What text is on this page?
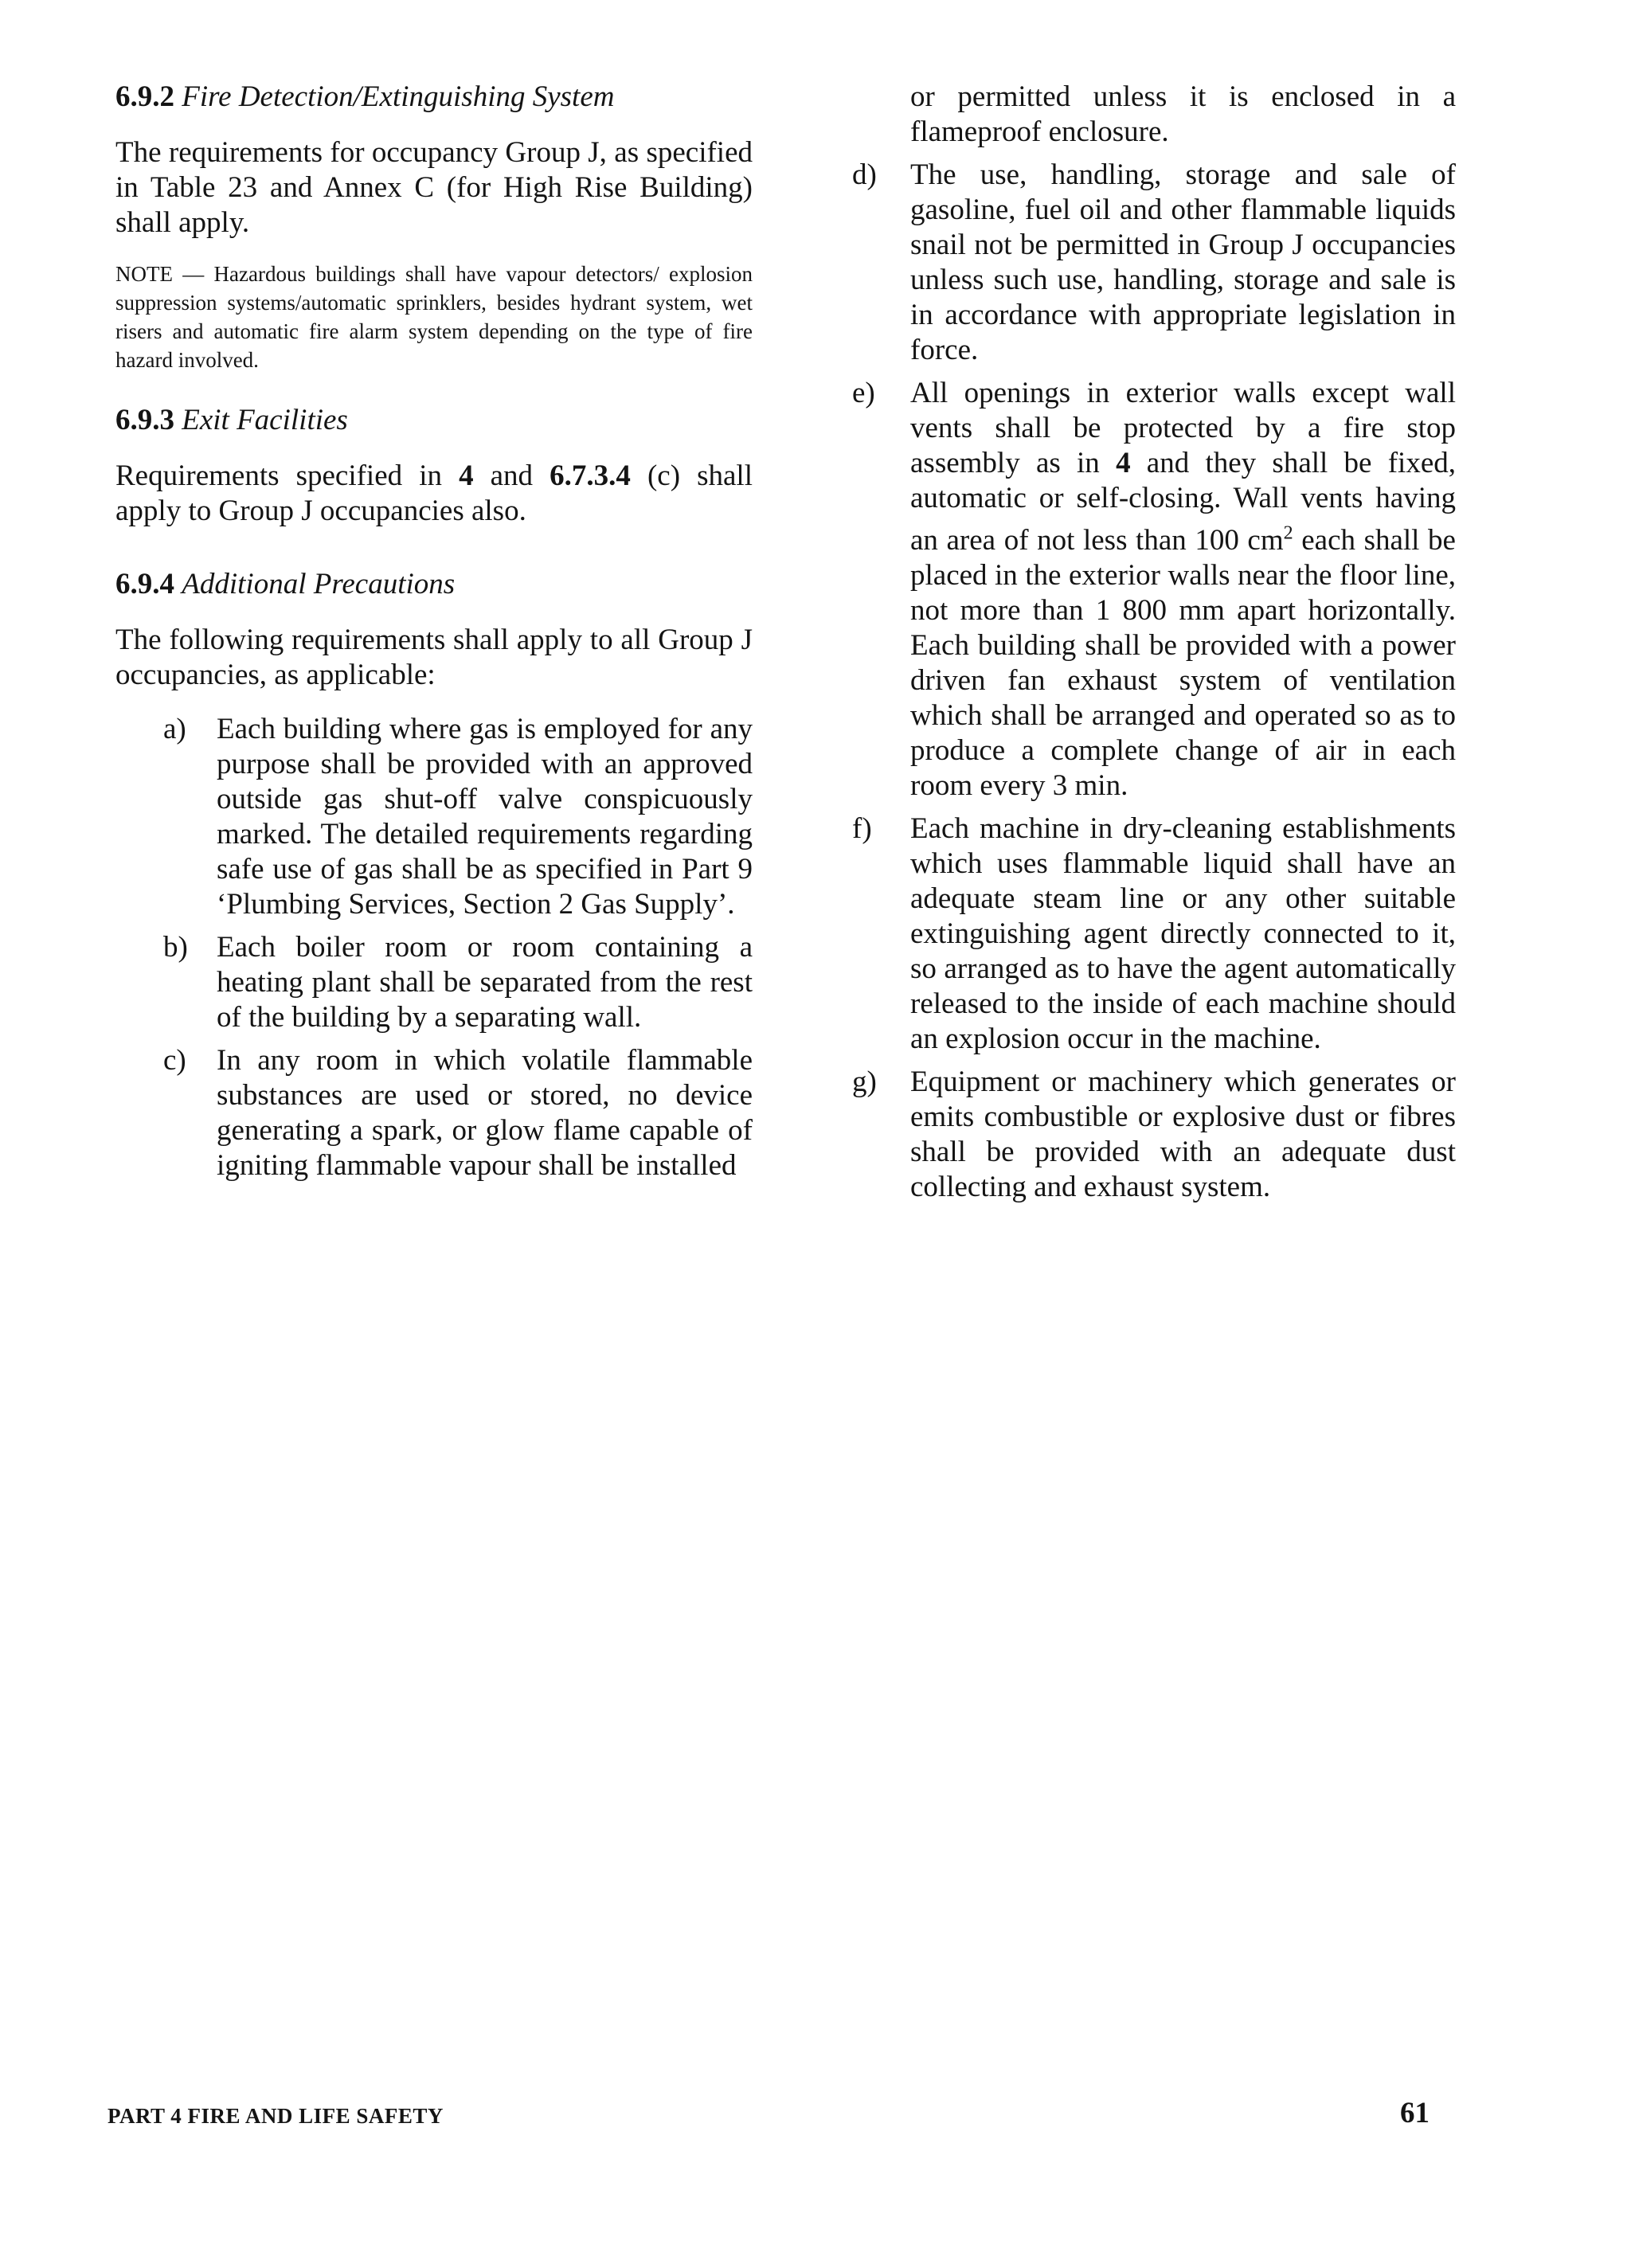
6.9.2 Fire Detection/Extinguishing System

The requirements for occupancy Group J, as specified in Table 23 and Annex C (for High Rise Building) shall apply.

NOTE — Hazardous buildings shall have vapour detectors/ explosion suppression systems/automatic sprinklers, besides hydrant system, wet risers and automatic fire alarm system depending on the type of fire hazard involved.

6.9.3 Exit Facilities

Requirements specified in 4 and 6.7.3.4 (c) shall apply to Group J occupancies also.

6.9.4 Additional Precautions

The following requirements shall apply to all Group J occupancies, as applicable:

a) Each building where gas is employed for any purpose shall be provided with an approved outside gas shut-off valve conspicuously marked. The detailed requirements regarding safe use of gas shall be as specified in Part 9 ‘Plumbing Services, Section 2 Gas Supply’.
b) Each boiler room or room containing a heating plant shall be separated from the rest of the building by a separating wall.
c) In any room in which volatile flammable substances are used or stored, no device generating a spark, or glow flame capable of igniting flammable vapour shall be installed

or permitted unless it is enclosed in a flameproof enclosure.

d) The use, handling, storage and sale of gasoline, fuel oil and other flammable liquids snail not be permitted in Group J occupancies unless such use, handling, storage and sale is in accordance with appropriate legislation in force.
e) All openings in exterior walls except wall vents shall be protected by a fire stop assembly as in 4 and they shall be fixed, automatic or self-closing. Wall vents having an area of not less than 100 $cm^2$ each shall be placed in the exterior walls near the floor line, not more than 1 800 mm apart horizontally. Each building shall be provided with a power driven fan exhaust system of ventilation which shall be arranged and operated so as to produce a complete change of air in each room every 3 min.
f) Each machine in dry-cleaning establishments which uses flammable liquid shall have an adequate steam line or any other suitable extinguishing agent directly connected to it, so arranged as to have the agent automatically released to the inside of each machine should an explosion occur in the machine.
g) Equipment or machinery which generates or emits combustible or explosive dust or fibres shall be provided with an adequate dust collecting and exhaust system.
PART 4 FIRE AND LIFE SAFETY	61
